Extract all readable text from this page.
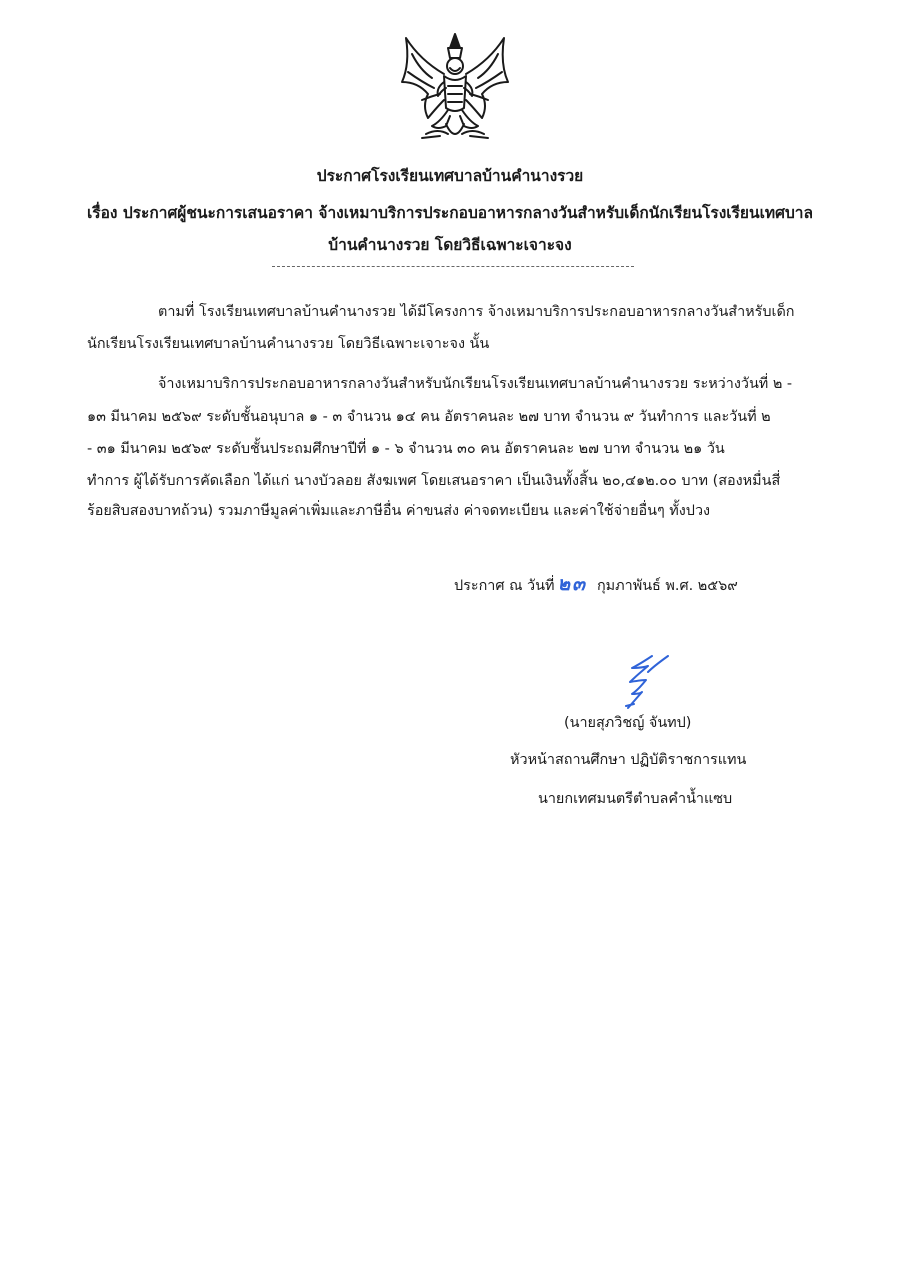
ประกาศโรงเรียนเทศบาลบ้านคำนางรวย
เรื่อง ประกาศผู้ชนะการเสนอราคา จ้างเหมาบริการประกอบอาหารกลางวันสำหรับเด็กนักเรียนโรงเรียนเทศบาล
บ้านคำนางรวย โดยวิธีเฉพาะเจาะจง
ตามที่ โรงเรียนเทศบาลบ้านคำนางรวย ได้มีโครงการ จ้างเหมาบริการประกอบอาหารกลางวันสำหรับเด็ก
นักเรียนโรงเรียนเทศบาลบ้านคำนางรวย โดยวิธีเฉพาะเจาะจง นั้น
จ้างเหมาบริการประกอบอาหารกลางวันสำหรับนักเรียนโรงเรียนเทศบาลบ้านคำนางรวย ระหว่างวันที่ ๒ -
๑๓ มีนาคม ๒๕๖๙ ระดับชั้นอนุบาล ๑ - ๓ จำนวน ๑๔ คน อัตราคนละ ๒๗ บาท จำนวน ๙ วันทำการ และวันที่ ๒
- ๓๑ มีนาคม ๒๕๖๙ ระดับชั้นประถมศึกษาปีที่ ๑ - ๖ จำนวน ๓๐ คน อัตราคนละ ๒๗ บาท จำนวน ๒๑ วัน
ทำการ ผู้ได้รับการคัดเลือก ได้แก่ นางบัวลอย สังฆเพศ โดยเสนอราคา เป็นเงินทั้งสิ้น ๒๐,๔๑๒.๐๐ บาท (สองหมื่นสี่
ร้อยสิบสองบาทถ้วน) รวมภาษีมูลค่าเพิ่มและภาษีอื่น ค่าขนส่ง ค่าจดทะเบียน และค่าใช้จ่ายอื่นๆ ทั้งปวง
ประกาศ ณ วันที่ ๒๓ กุมภาพันธ์ พ.ศ. ๒๕๖๙
(นายสุภวิชญ์ จันทป)
หัวหน้าสถานศึกษา ปฏิบัติราชการแทน
นายกเทศมนตรีตำบลคำน้ำแซบ
